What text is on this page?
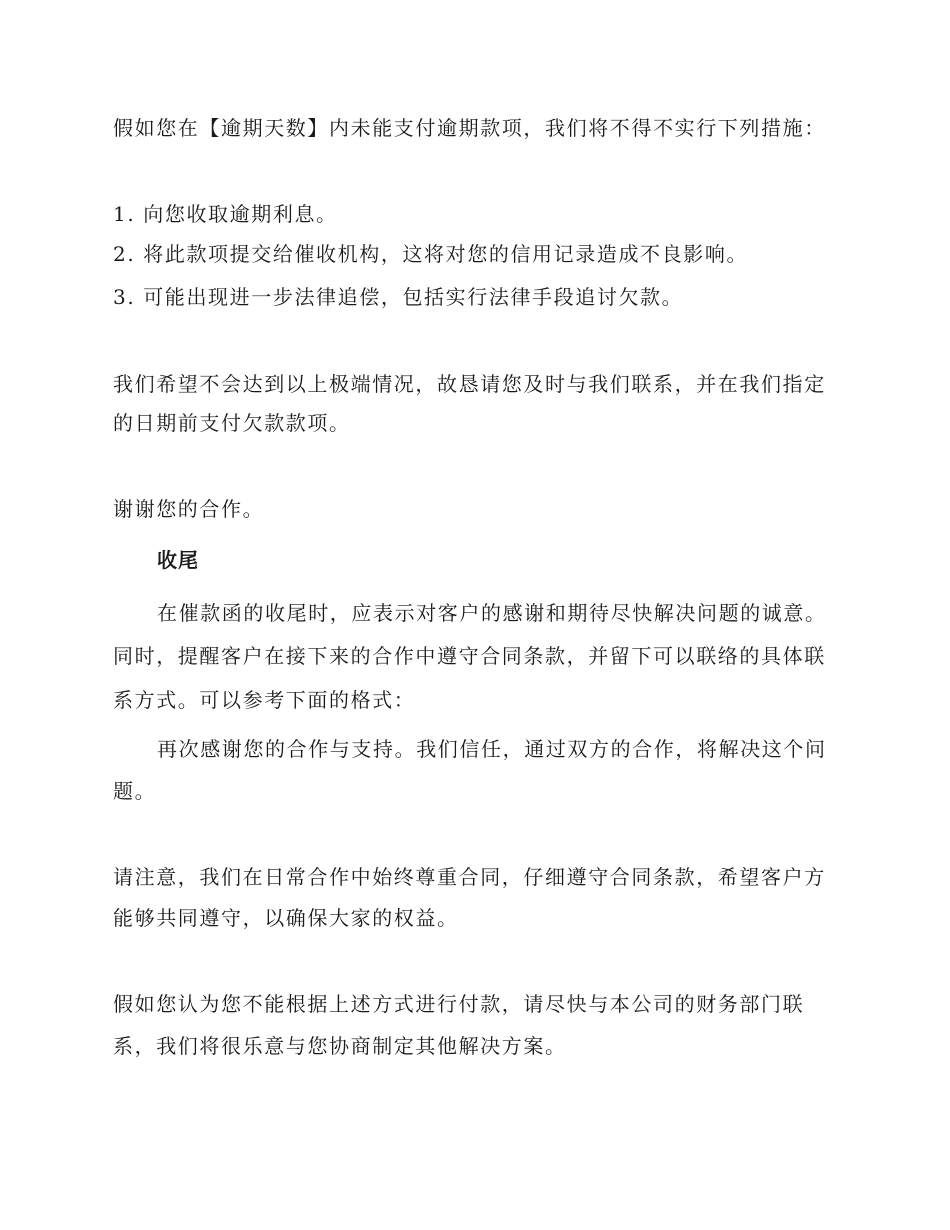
假如您在【逾期天数】内未能支付逾期款项，我们将不得不实行下列措施：
1. 向您收取逾期利息。
2. 将此款项提交给催收机构，这将对您的信用记录造成不良影响。
3. 可能出现进一步法律追偿，包括实行法律手段追讨欠款。
我们希望不会达到以上极端情况，故恳请您及时与我们联系，并在我们指定
的日期前支付欠款款项。
谢谢您的合作。
收尾
在催款函的收尾时，应表示对客户的感谢和期待尽快解决问题的诚意。
同时，提醒客户在接下来的合作中遵守合同条款，并留下可以联络的具体联
系方式。可以参考下面的格式：
再次感谢您的合作与支持。我们信任，通过双方的合作，将解决这个问
题。
请注意，我们在日常合作中始终尊重合同，仔细遵守合同条款，希望客户方
能够共同遵守，以确保大家的权益。
假如您认为您不能根据上述方式进行付款，请尽快与本公司的财务部门联
系，我们将很乐意与您协商制定其他解决方案。
